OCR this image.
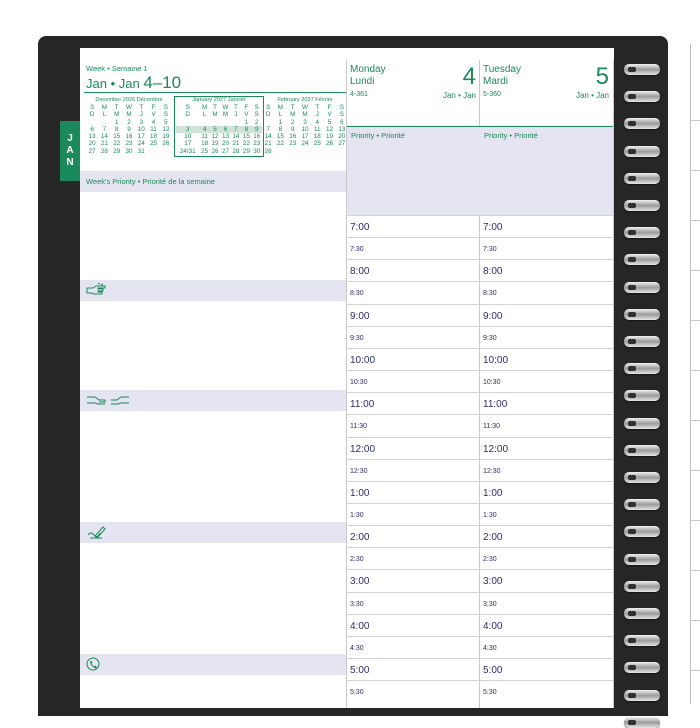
Week • Semaine 1
Jan • Jan 4–10
December 2026 Décembre
S	M	T	W	T	F	S
D	L	M	M	J	V	S
		1	2	3	4	5
6	7	8	9	10	11	12
13	14	15	16	17	18	19
20	21	22	23	24	25	26
27	28	29	30	31		
January 2027 Janvier
S	M	T	W	T	F	S
D	L	M	M	J	V	S
					1	2
3	4	5	6	7	8	9
10	11	12	13	14	15	16
17	18	19	20	21	22	23
24/31	25	26	27	28	29	30
February 2027 Février
S	M	T	W	T	F	S
D	L	M	M	J	V	S
	1	2	3	4	5	6
7	8	9	10	11	12	13
14	15	16	17	18	19	20
21	22	23	24	25	26	27
28						
Week's Priority • Priorité de la semaine
Monday
Lundi
4-361
4
Jan • Jan
Priority • Priorité
7:00
7:30
8:00
8:30
9:00
9:30
10:00
10:30
11:00
11:30
12:00
12:30
1:00
1:30
2:00
2:30
3:00
3:30
4:00
4:30
5:00
5:30
Tuesday
Mardi
5-360
5
Jan • Jan
Priority • Priorité
7:00
7:30
8:00
8:30
9:00
9:30
10:00
10:30
11:00
11:30
12:00
12:30
1:00
1:30
2:00
2:30
3:00
3:30
4:00
4:30
5:00
5:30
J
A
N
